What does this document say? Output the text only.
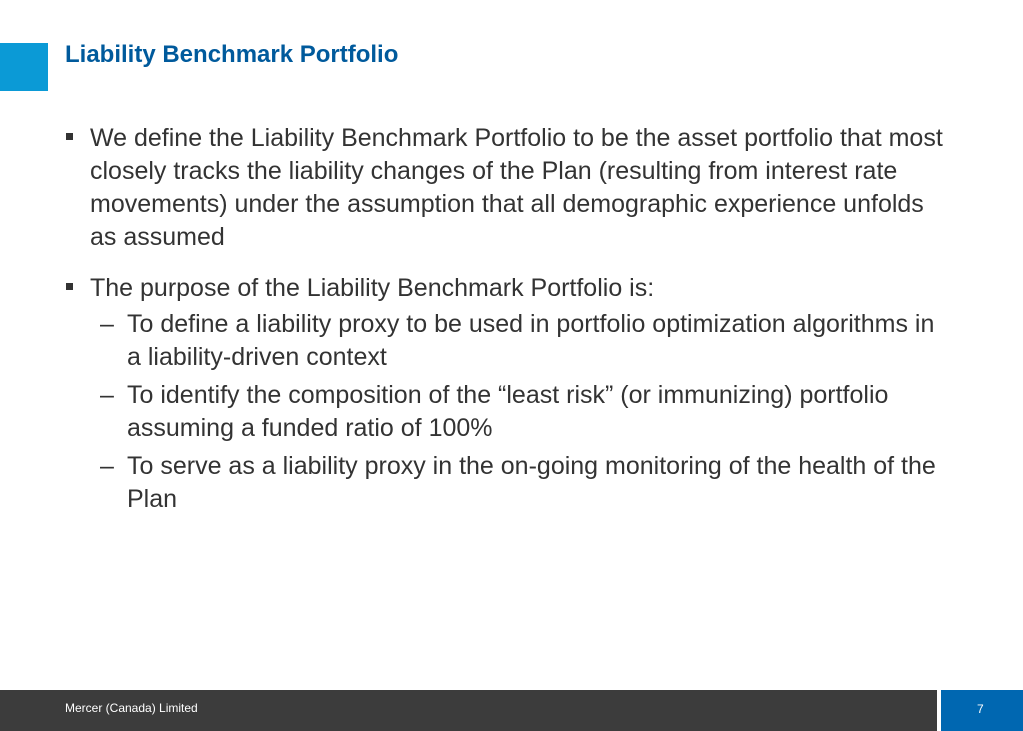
Liability Benchmark Portfolio
We define the Liability Benchmark Portfolio to be the asset portfolio that most closely tracks the liability changes of the Plan (resulting from interest rate movements) under the assumption that all demographic experience unfolds as assumed
The purpose of the Liability Benchmark Portfolio is:
– To define a liability proxy to be used in portfolio optimization algorithms in a liability-driven context
– To identify the composition of the “least risk” (or immunizing) portfolio assuming a funded ratio of 100%
– To serve as a liability proxy in the on-going monitoring of the health of the Plan
Mercer (Canada) Limited	7
